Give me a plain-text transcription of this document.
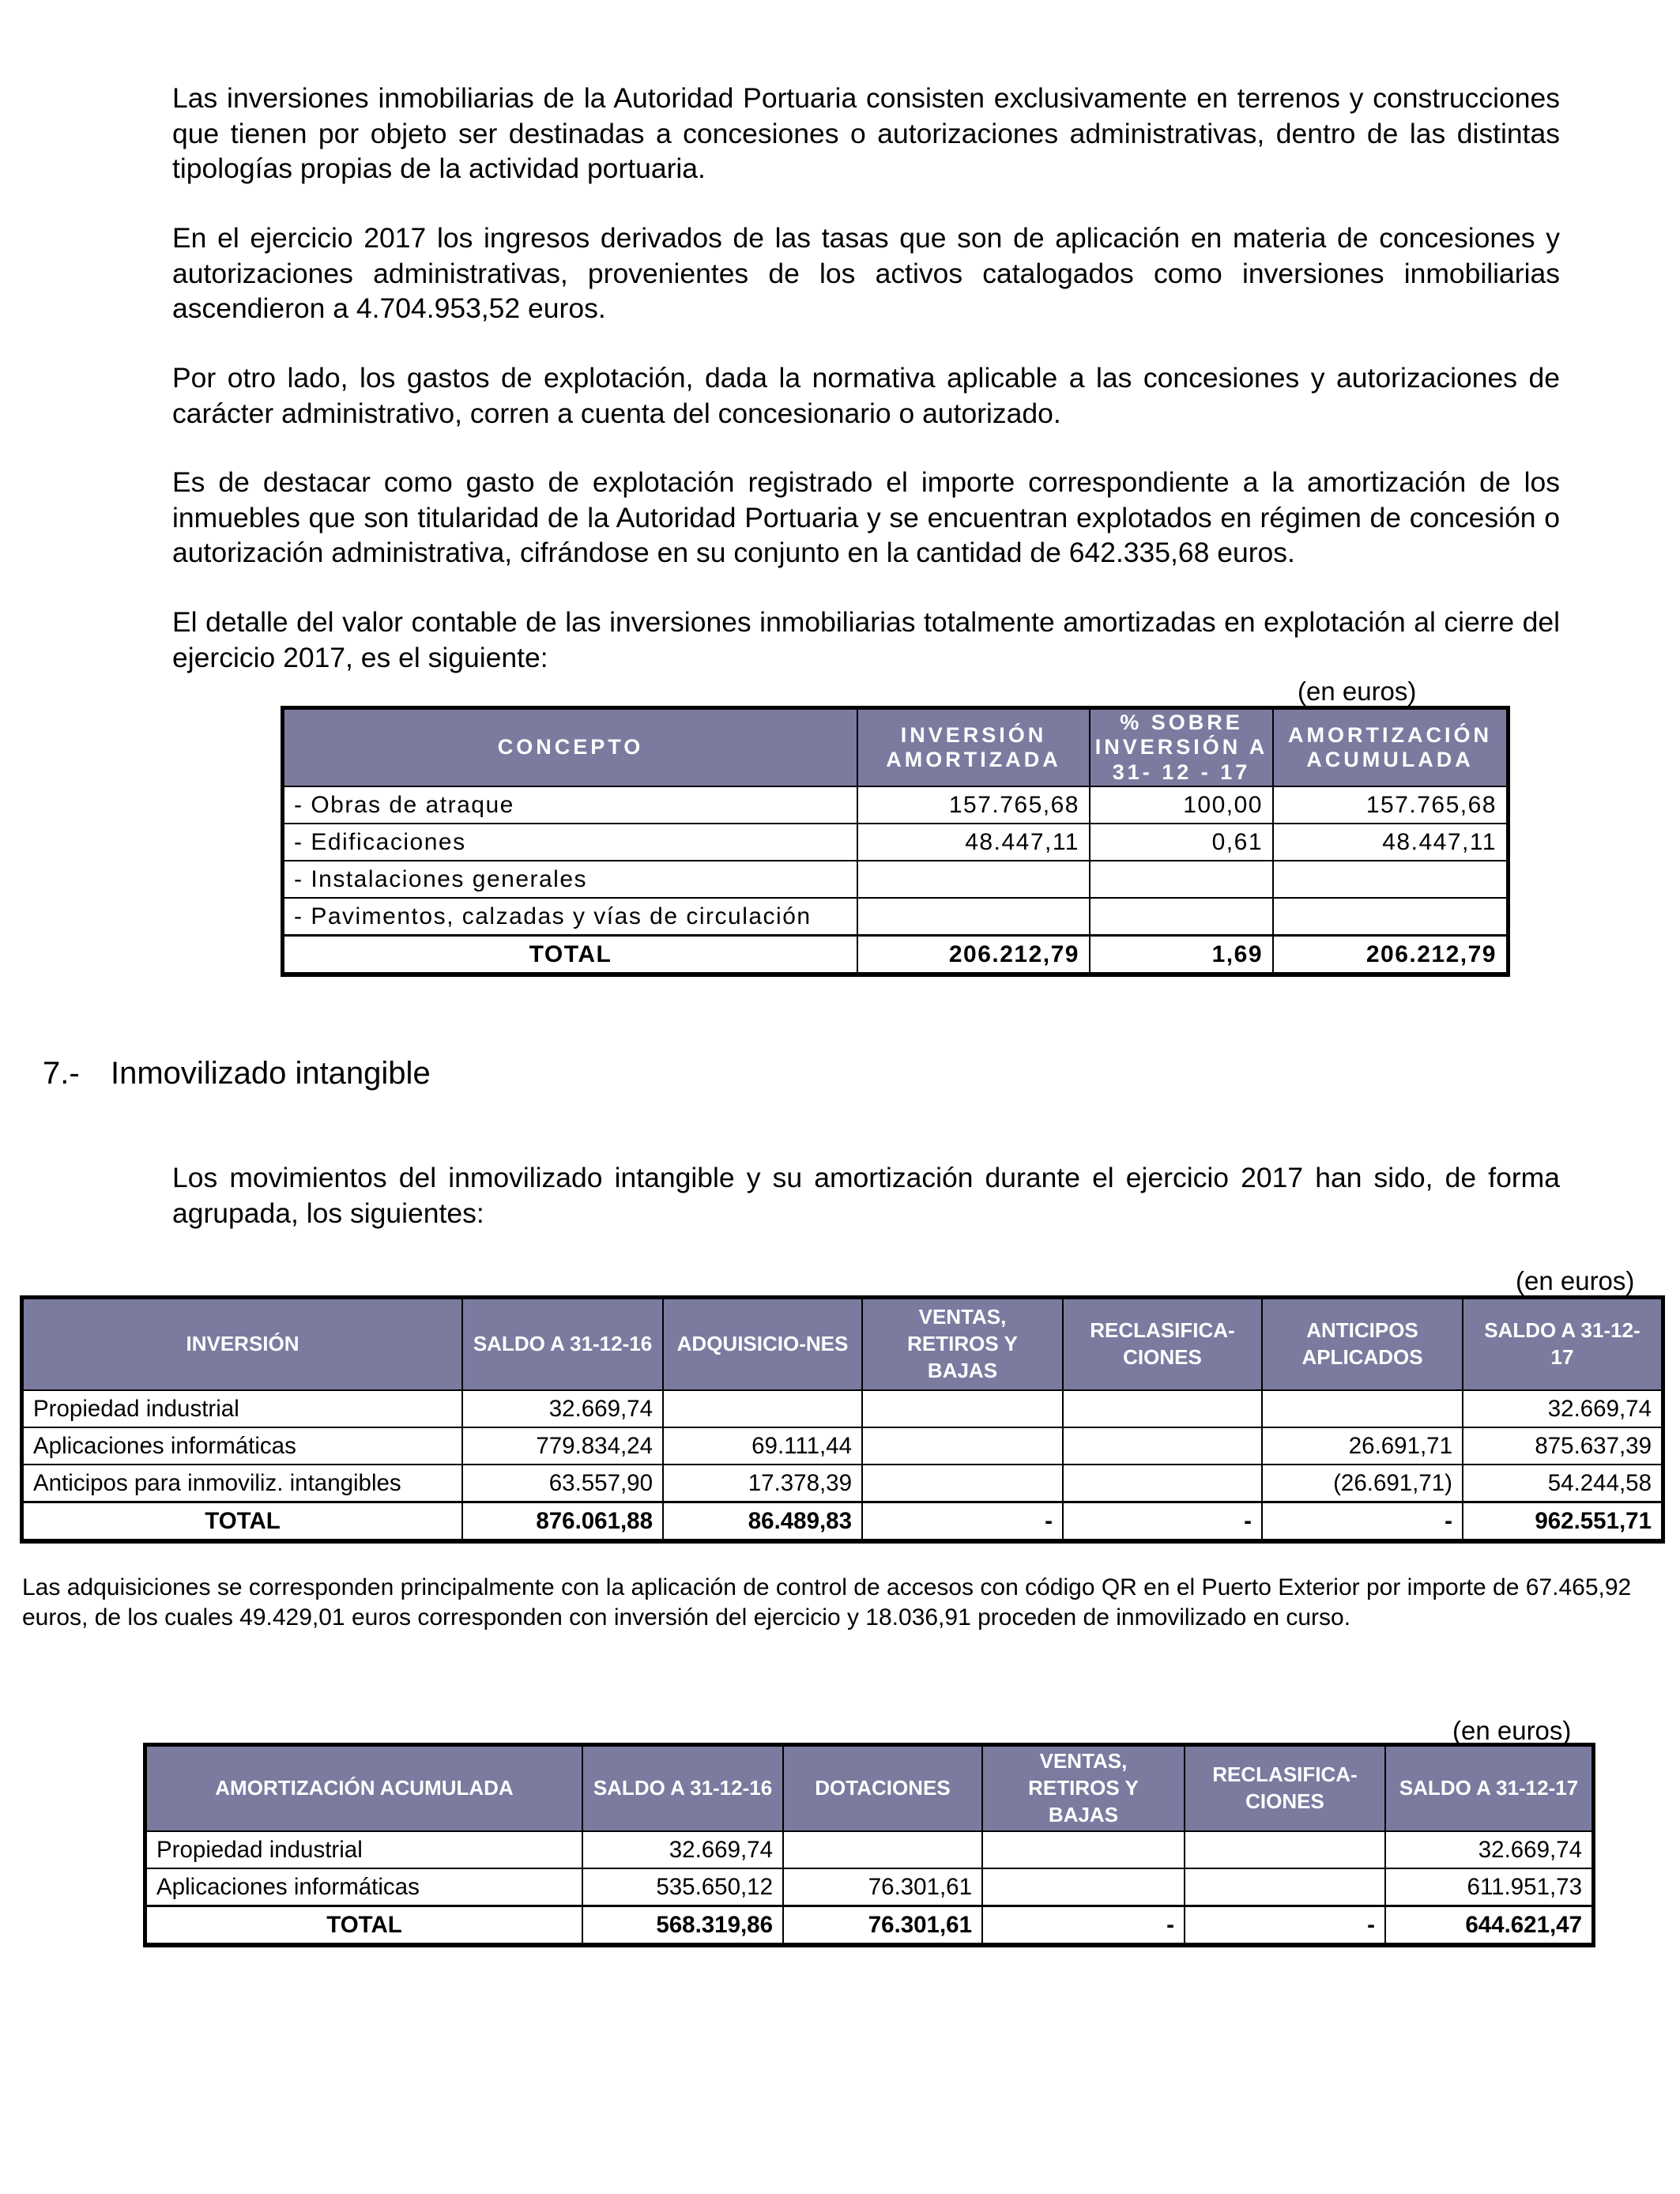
Las inversiones inmobiliarias de la Autoridad Portuaria consisten exclusivamente en terrenos y construcciones que tienen por objeto ser destinadas a concesiones o autorizaciones administrativas, dentro de las distintas tipologías propias de la actividad portuaria.

En el ejercicio 2017 los ingresos derivados de las tasas que son de aplicación en materia de concesiones y autorizaciones administrativas, provenientes de los activos catalogados como inversiones inmobiliarias ascendieron a 4.704.953,52 euros.

Por otro lado, los gastos de explotación, dada la normativa aplicable a las concesiones y autorizaciones de carácter administrativo, corren a cuenta del concesionario o autorizado.

Es de destacar como gasto de explotación registrado el importe correspondiente a la amortización de los inmuebles que son titularidad de la Autoridad Portuaria y se encuentran explotados en régimen de concesión o autorización administrativa, cifrándose en su conjunto en la cantidad de 642.335,68 euros.

El detalle del valor contable de las inversiones inmobiliarias totalmente amortizadas en explotación al cierre del ejercicio 2017, es el siguiente:

(en euros)
CONCEPTO	INVERSIÓN AMORTIZADA	% SOBRE INVERSIÓN A 31- 12 - 17	AMORTIZACIÓN ACUMULADA
- Obras de atraque	157.765,68	100,00	157.765,68
- Edificaciones	48.447,11	0,61	48.447,11
- Instalaciones generales			
- Pavimentos, calzadas y vías de circulación			
TOTAL	206.212,79	1,69	206.212,79
7.- Inmovilizado intangible

Los movimientos del inmovilizado intangible y su amortización durante el ejercicio 2017 han sido, de forma agrupada, los siguientes:

(en euros)
INVERSIÓN	SALDO A 31-12-16	ADQUISICIO-NES	VENTAS, RETIROS Y BAJAS	RECLASIFICA-CIONES	ANTICIPOS APLICADOS	SALDO A 31-12-17
Propiedad industrial	32.669,74					32.669,74
Aplicaciones informáticas	779.834,24	69.111,44			26.691,71	875.637,39
Anticipos para inmoviliz. intangibles	63.557,90	17.378,39			(26.691,71)	54.244,58
TOTAL	876.061,88	86.489,83	-	-	-	962.551,71

Las adquisiciones se corresponden principalmente con la aplicación de control de accesos con código QR en el Puerto Exterior por importe de 67.465,92 euros, de los cuales 49.429,01 euros corresponden con inversión del ejercicio y 18.036,91 proceden de inmovilizado en curso.

(en euros)
AMORTIZACIÓN ACUMULADA	SALDO A 31-12-16	DOTACIONES	VENTAS, RETIROS Y BAJAS	RECLASIFICA-CIONES	SALDO A 31-12-17
Propiedad industrial	32.669,74				32.669,74
Aplicaciones informáticas	535.650,12	76.301,61			611.951,73
TOTAL	568.319,86	76.301,61	-	-	644.621,47
